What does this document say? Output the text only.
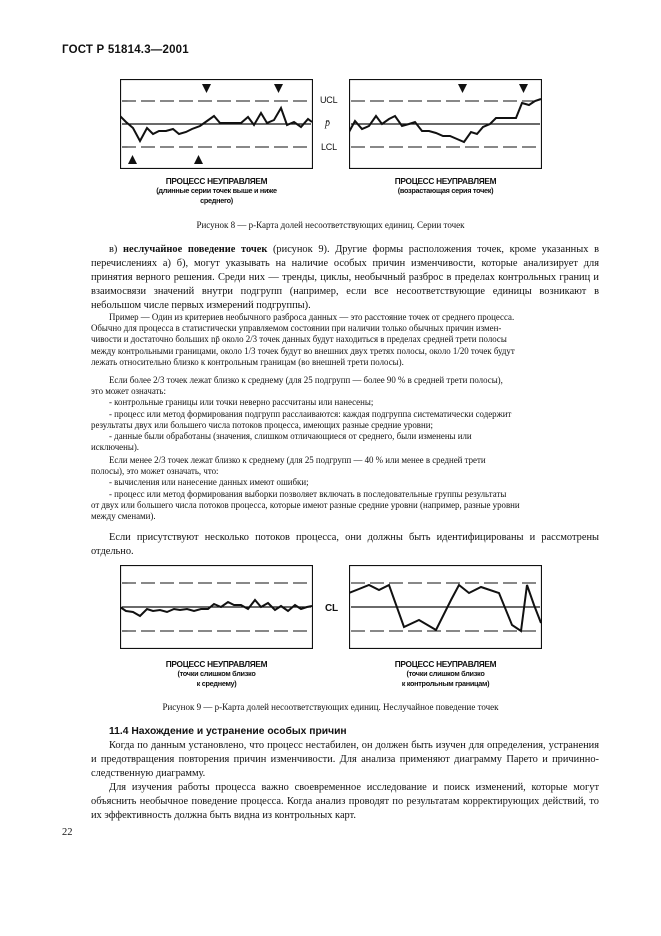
ГОСТ Р 51814.3—2001
UCL
p̄
LCL
ПРОЦЕСС НЕУПРАВЛЯЕМ
(длинные серии точек выше и ниже
среднего)
ПРОЦЕСС НЕУПРАВЛЯЕМ
(возрастающая серия точек)
Рисунок 8 — p-Карта долей несоответствующих единиц. Серии точек
в) неслучайное поведение точек (рисунок 9). Другие формы расположения точек, кроме указанных в перечислениях а) б), могут указывать на наличие особых причин изменчивости, которые анализирует для принятия верного решения. Среди них — тренды, циклы, необычный разброс в пределах контрольных границ и взаимосвязи значений внутри подгрупп (например, если все несоответствующие единицы возникают в небольшом числе первых измерений подгруппы).
Пример — Один из критериев необычного разброса данных — это расстояние точек от среднего процесса.
Обычно для процесса в статистически управляемом состоянии при наличии только обычных причин измен-
чивости и достаточно больших np̄ около 2/3 точек данных будут находиться в пределах средней трети полосы
между контрольными границами, около 1/3 точек будут во внешних двух третях полосы, около 1/20 точек будут
лежать относительно близко к контрольным границам (во внешней трети полосы).
Если более 2/3 точек лежат близко к среднему (для 25 подгрупп — более 90 % в средней трети полосы),
это может означать:
- контрольные границы или точки неверно рассчитаны или нанесены;
- процесс или метод формирования подгрупп расслаиваются: каждая подгруппа систематически содержит
результаты двух или большего числа потоков процесса, имеющих разные средние уровни;
- данные были обработаны (значения, слишком отличающиеся от среднего, были изменены или
исключены).
Если менее 2/3 точек лежат близко к среднему (для 25 подгрупп — 40 % или менее в средней трети
полосы), это может означать, что:
- вычисления или нанесение данных имеют ошибки;
- процесс или метод формирования выборки позволяет включать в последовательные группы результаты
от двух или большего числа потоков процесса, которые имеют разные средние уровни (например, разные уровни
между сменами).
Если присутствуют несколько потоков процесса, они должны быть идентифицированы и рассмотрены отдельно.
CL
ПРОЦЕСС НЕУПРАВЛЯЕМ
(точки слишком близко
к среднему)
ПРОЦЕСС НЕУПРАВЛЯЕМ
(точки слишком близко
к контрольным границам)
Рисунок 9 — p-Карта долей несоответствующих единиц. Неслучайное поведение точек
11.4 Нахождение и устранение особых причин
Когда по данным установлено, что процесс нестабилен, он должен быть изучен для определения, устранения и предотвращения повторения причин изменчивости. Для анализа применяют диаграмму Парето и причинно-следственную диаграмму.
Для изучения работы процесса важно своевременное исследование и поиск изменений, которые могут объяснить необычное поведение процесса. Когда анализ проводят по результатам корректирующих действий, то их эффективность должна быть видна из контрольных карт.
22
